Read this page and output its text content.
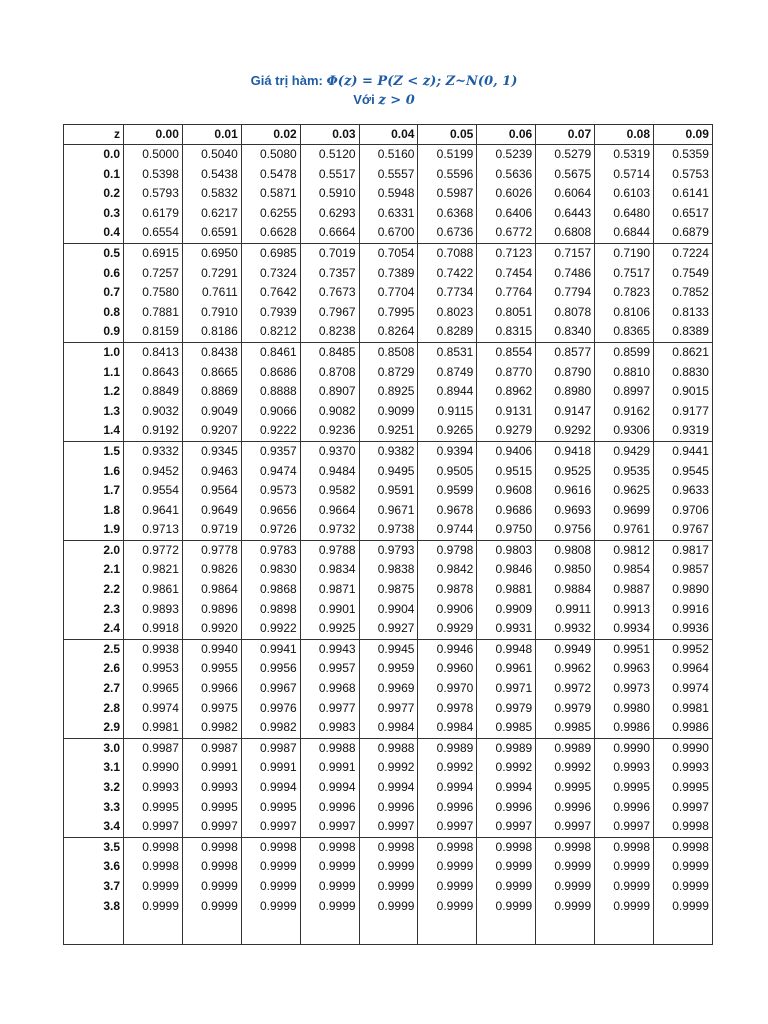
Giá trị hàm: Φ(z) = P(Z < z); Z~N(0, 1)
Với z > 0
z	0.00	0.01	0.02	0.03	0.04	0.05	0.06	0.07	0.08	0.09
0.0	0.5000	0.5040	0.5080	0.5120	0.5160	0.5199	0.5239	0.5279	0.5319	0.5359
0.1	0.5398	0.5438	0.5478	0.5517	0.5557	0.5596	0.5636	0.5675	0.5714	0.5753
0.2	0.5793	0.5832	0.5871	0.5910	0.5948	0.5987	0.6026	0.6064	0.6103	0.6141
0.3	0.6179	0.6217	0.6255	0.6293	0.6331	0.6368	0.6406	0.6443	0.6480	0.6517
0.4	0.6554	0.6591	0.6628	0.6664	0.6700	0.6736	0.6772	0.6808	0.6844	0.6879
0.5	0.6915	0.6950	0.6985	0.7019	0.7054	0.7088	0.7123	0.7157	0.7190	0.7224
0.6	0.7257	0.7291	0.7324	0.7357	0.7389	0.7422	0.7454	0.7486	0.7517	0.7549
0.7	0.7580	0.7611	0.7642	0.7673	0.7704	0.7734	0.7764	0.7794	0.7823	0.7852
0.8	0.7881	0.7910	0.7939	0.7967	0.7995	0.8023	0.8051	0.8078	0.8106	0.8133
0.9	0.8159	0.8186	0.8212	0.8238	0.8264	0.8289	0.8315	0.8340	0.8365	0.8389
1.0	0.8413	0.8438	0.8461	0.8485	0.8508	0.8531	0.8554	0.8577	0.8599	0.8621
1.1	0.8643	0.8665	0.8686	0.8708	0.8729	0.8749	0.8770	0.8790	0.8810	0.8830
1.2	0.8849	0.8869	0.8888	0.8907	0.8925	0.8944	0.8962	0.8980	0.8997	0.9015
1.3	0.9032	0.9049	0.9066	0.9082	0.9099	0.9115	0.9131	0.9147	0.9162	0.9177
1.4	0.9192	0.9207	0.9222	0.9236	0.9251	0.9265	0.9279	0.9292	0.9306	0.9319
1.5	0.9332	0.9345	0.9357	0.9370	0.9382	0.9394	0.9406	0.9418	0.9429	0.9441
1.6	0.9452	0.9463	0.9474	0.9484	0.9495	0.9505	0.9515	0.9525	0.9535	0.9545
1.7	0.9554	0.9564	0.9573	0.9582	0.9591	0.9599	0.9608	0.9616	0.9625	0.9633
1.8	0.9641	0.9649	0.9656	0.9664	0.9671	0.9678	0.9686	0.9693	0.9699	0.9706
1.9	0.9713	0.9719	0.9726	0.9732	0.9738	0.9744	0.9750	0.9756	0.9761	0.9767
2.0	0.9772	0.9778	0.9783	0.9788	0.9793	0.9798	0.9803	0.9808	0.9812	0.9817
2.1	0.9821	0.9826	0.9830	0.9834	0.9838	0.9842	0.9846	0.9850	0.9854	0.9857
2.2	0.9861	0.9864	0.9868	0.9871	0.9875	0.9878	0.9881	0.9884	0.9887	0.9890
2.3	0.9893	0.9896	0.9898	0.9901	0.9904	0.9906	0.9909	0.9911	0.9913	0.9916
2.4	0.9918	0.9920	0.9922	0.9925	0.9927	0.9929	0.9931	0.9932	0.9934	0.9936
2.5	0.9938	0.9940	0.9941	0.9943	0.9945	0.9946	0.9948	0.9949	0.9951	0.9952
2.6	0.9953	0.9955	0.9956	0.9957	0.9959	0.9960	0.9961	0.9962	0.9963	0.9964
2.7	0.9965	0.9966	0.9967	0.9968	0.9969	0.9970	0.9971	0.9972	0.9973	0.9974
2.8	0.9974	0.9975	0.9976	0.9977	0.9977	0.9978	0.9979	0.9979	0.9980	0.9981
2.9	0.9981	0.9982	0.9982	0.9983	0.9984	0.9984	0.9985	0.9985	0.9986	0.9986
3.0	0.9987	0.9987	0.9987	0.9988	0.9988	0.9989	0.9989	0.9989	0.9990	0.9990
3.1	0.9990	0.9991	0.9991	0.9991	0.9992	0.9992	0.9992	0.9992	0.9993	0.9993
3.2	0.9993	0.9993	0.9994	0.9994	0.9994	0.9994	0.9994	0.9995	0.9995	0.9995
3.3	0.9995	0.9995	0.9995	0.9996	0.9996	0.9996	0.9996	0.9996	0.9996	0.9997
3.4	0.9997	0.9997	0.9997	0.9997	0.9997	0.9997	0.9997	0.9997	0.9997	0.9998
3.5	0.9998	0.9998	0.9998	0.9998	0.9998	0.9998	0.9998	0.9998	0.9998	0.9998
3.6	0.9998	0.9998	0.9999	0.9999	0.9999	0.9999	0.9999	0.9999	0.9999	0.9999
3.7	0.9999	0.9999	0.9999	0.9999	0.9999	0.9999	0.9999	0.9999	0.9999	0.9999
3.8	0.9999	0.9999	0.9999	0.9999	0.9999	0.9999	0.9999	0.9999	0.9999	0.9999
